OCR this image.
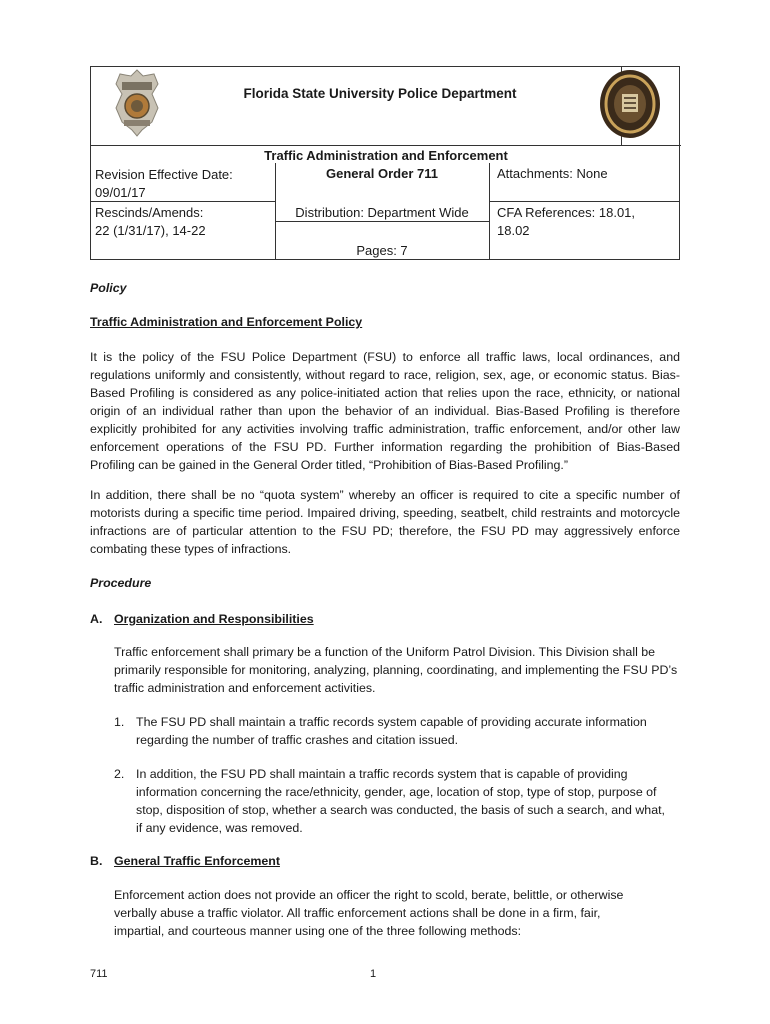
Traffic Administration and Enforcement
General Order 711	Attachments: None
Revision Effective Date:
09/01/17
Rescinds/Amends:
22 (1/31/17), 14-22
Distribution: Department Wide
Pages: 7
CFA References: 18.01,
18.02
Florida State University Police Department
Policy
Traffic Administration and Enforcement Policy
It is the policy of the FSU Police Department (FSU) to enforce all traffic laws, local ordinances, and regulations uniformly and consistently, without regard to race, religion, sex, age, or economic status. Bias-Based Profiling is considered as any police-initiated action that relies upon the race, ethnicity, or national origin of an individual rather than upon the behavior of an individual. Bias-Based Profiling is therefore explicitly prohibited for any activities involving traffic administration, traffic enforcement, and/or other law enforcement operations of the FSU PD. Further information regarding the prohibition of Bias-Based Profiling can be gained in the General Order titled, “Prohibition of Bias-Based Profiling.”
In addition, there shall be no “quota system” whereby an officer is required to cite a specific number of motorists during a specific time period. Impaired driving, speeding, seatbelt, child restraints and motorcycle infractions are of particular attention to the FSU PD; therefore, the FSU PD may aggressively enforce combating these types of infractions.
Procedure
A. Organization and Responsibilities
Traffic enforcement shall primary be a function of the Uniform Patrol Division. This Division shall be primarily responsible for monitoring, analyzing, planning, coordinating, and implementing the FSU PD’s traffic administration and enforcement activities.
1. The FSU PD shall maintain a traffic records system capable of providing accurate information regarding the number of traffic crashes and citation issued.
2. In addition, the FSU PD shall maintain a traffic records system that is capable of providing information concerning the race/ethnicity, gender, age, location of stop, type of stop, purpose of stop, disposition of stop, whether a search was conducted, the basis of such a search, and what, if any evidence, was removed.
B. General Traffic Enforcement
Enforcement action does not provide an officer the right to scold, berate, belittle, or otherwise verbally abuse a traffic violator. All traffic enforcement actions shall be done in a firm, fair, impartial, and courteous manner using one of the three following methods:
711	1
